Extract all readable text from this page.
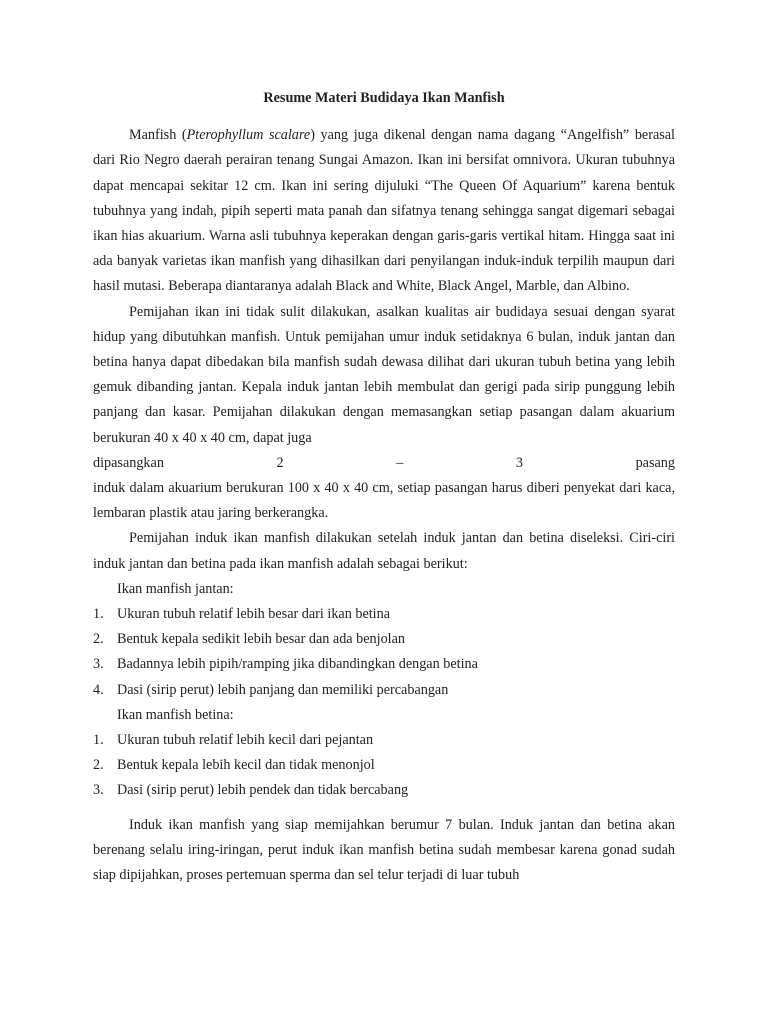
Resume Materi Budidaya Ikan Manfish

Manfish (Pterophyllum scalare) yang juga dikenal dengan nama dagang “Angelfish” berasal dari Rio Negro daerah perairan tenang Sungai Amazon. Ikan ini bersifat omnivora. Ukuran tubuhnya dapat mencapai sekitar 12 cm. Ikan ini sering dijuluki “The Queen Of Aquarium” karena bentuk tubuhnya yang indah, pipih seperti mata panah dan sifatnya tenang sehingga sangat digemari sebagai ikan hias akuarium. Warna asli tubuhnya keperakan dengan garis-garis vertikal hitam. Hingga saat ini ada banyak varietas ikan manfish yang dihasilkan dari penyilangan induk-induk terpilih maupun dari hasil mutasi. Beberapa diantaranya adalah Black and White, Black Angel, Marble, dan Albino.

Pemijahan ikan ini tidak sulit dilakukan, asalkan kualitas air budidaya sesuai dengan syarat hidup yang dibutuhkan manfish. Untuk pemijahan umur induk setidaknya 6 bulan, induk jantan dan betina hanya dapat dibedakan bila manfish sudah dewasa dilihat dari ukuran tubuh betina yang lebih gemuk dibanding jantan. Kepala induk jantan lebih membulat dan gerigi pada sirip punggung lebih panjang dan kasar. Pemijahan dilakukan dengan memasangkan setiap pasangan dalam akuarium berukuran 40 x 40 x 40 cm, dapat juga

dipasangkan	2	–	3	pasang

induk dalam akuarium berukuran 100 x 40 x 40 cm, setiap pasangan harus diberi penyekat dari kaca, lembaran plastik atau jaring berkerangka.

Pemijahan induk ikan manfish dilakukan setelah induk jantan dan betina diseleksi. Ciri-ciri induk jantan dan betina pada ikan manfish adalah sebagai berikut:

Ikan manfish jantan:

1. Ukuran tubuh relatif lebih besar dari ikan betina
2. Bentuk kepala sedikit lebih besar dan ada benjolan
3. Badannya lebih pipih/ramping jika dibandingkan dengan betina
4. Dasi (sirip perut) lebih panjang dan memiliki percabangan

Ikan manfish betina:

1. Ukuran tubuh relatif lebih kecil dari pejantan
2. Bentuk kepala lebih kecil dan tidak menonjol
3. Dasi (sirip perut) lebih pendek dan tidak bercabang

Induk ikan manfish yang siap memijahkan berumur 7 bulan. Induk jantan dan betina akan berenang selalu iring-iringan, perut induk ikan manfish betina sudah membesar karena gonad sudah siap dipijahkan, proses pertemuan sperma dan sel telur terjadi di luar tubuh
